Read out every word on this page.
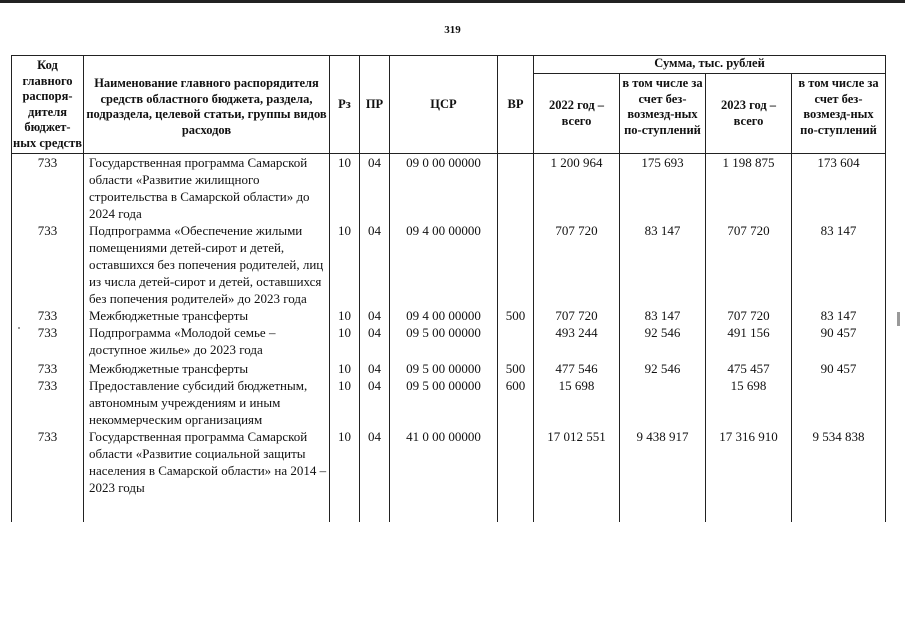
319
Код главного распоря-дителя бюджет-ных средств	Наименование главного распорядителя средств областного бюджета, раздела, подраздела, целевой статьи, группы видов расходов	Рз	ПР	ЦСР	ВР	Сумма, тыс. рублей			
						2022 год – всего	в том числе за счет без-возмезд-ных по-ступлений	2023 год – всего	в том числе за счет без-возмезд-ных по-ступлений
733	Государственная программа Самарской области «Развитие жилищного строительства в Самарской области» до 2024 года	10	04	09 0 00 00000		1 200 964	175 693	1 198 875	173 604
733	Подпрограмма «Обеспечение жилыми помещениями детей-сирот и детей, оставшихся без попечения родителей, лиц из числа детей-сирот и детей, оставшихся без попечения родителей» до 2023 года	10	04	09 4 00 00000		707 720	83 147	707 720	83 147
733	Межбюджетные трансферты	10	04	09 4 00 00000	500	707 720	83 147	707 720	83 147
733	Подпрограмма «Молодой семье – доступное жилье» до 2023 года	10	04	09 5 00 00000		493 244	92 546	491 156	90 457
733	Межбюджетные трансферты	10	04	09 5 00 00000	500	477 546	92 546	475 457	90 457
733	Предоставление субсидий бюджетным, автономным учреждениям и иным некоммерческим организациям	10	04	09 5 00 00000	600	15 698		15 698	
733	Государственная программа Самарской области «Развитие социальной защиты населения в Самарской области» на 2014 – 2023 годы	10	04	41 0 00 00000		17 012 551	9 438 917	17 316 910	9 534 838
